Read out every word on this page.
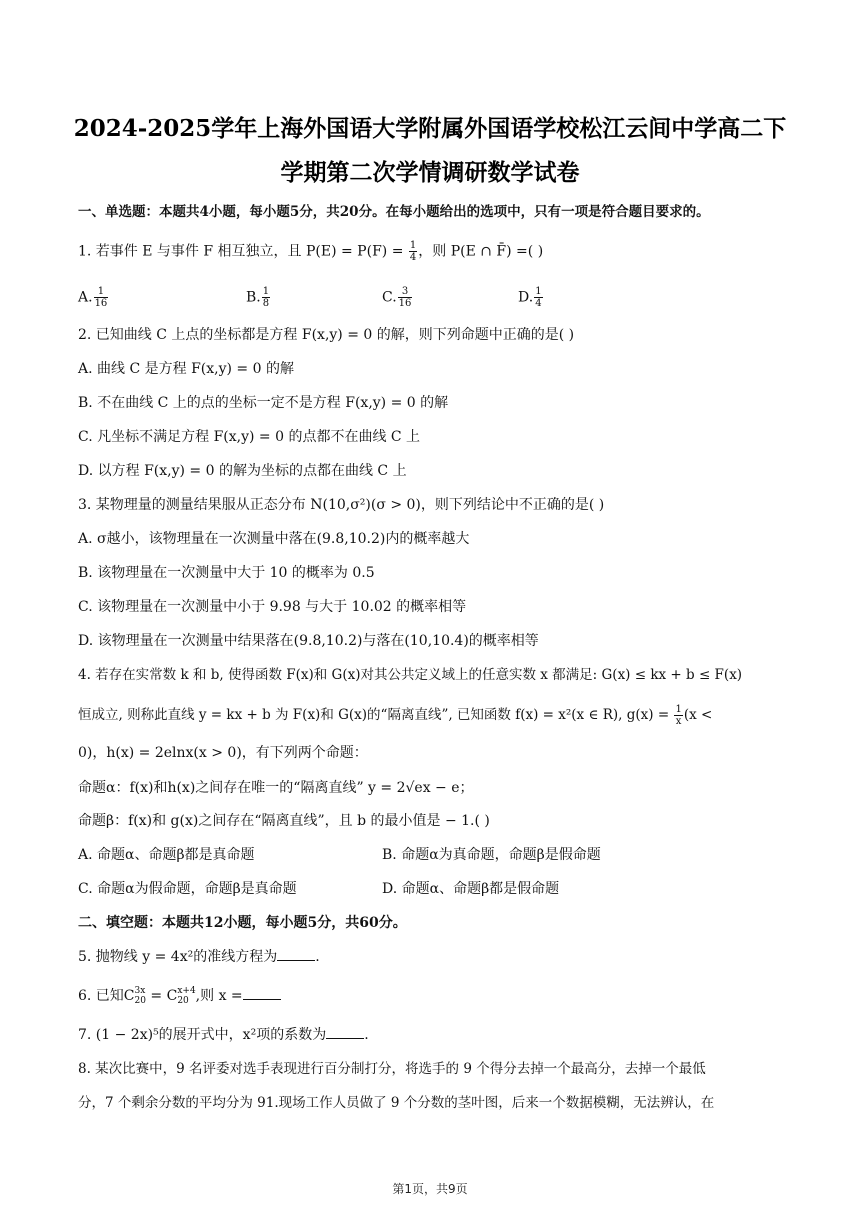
2024-2025学年上海外国语大学附属外国语学校松江云间中学高二下
学期第二次学情调研数学试卷
一、单选题：本题共4小题，每小题5分，共20分。在每小题给出的选项中，只有一项是符合题目要求的。
1. 若事件 E 与事件 F 相互独立，且 $P(E) = P(F) = \frac{1}{4}$ ，则 P(E ∩ F̄) =( )
A. $\frac{1}{16}$	B. $\frac{1}{8}$	C. $\frac{3}{16}$	D. $\frac{1}{4}$
2. 已知曲线 C 上点的坐标都是方程 F(x,y) = 0 的解，则下列命题中正确的是( )
A. 曲线 C 是方程 F(x,y) = 0 的解
B. 不在曲线 C 上的点的坐标一定不是方程 F(x,y) = 0 的解
C. 凡坐标不满足方程 F(x,y) = 0 的点都不在曲线 C 上
D. 以方程 F(x,y) = 0 的解为坐标的点都在曲线 C 上
3. 某物理量的测量结果服从正态分布 N(10,σ²)(σ > 0)，则下列结论中不正确的是( )
A. σ越小，该物理量在一次测量中落在(9.8,10.2)内的概率越大
B. 该物理量在一次测量中大于 10 的概率为 0.5
C. 该物理量在一次测量中小于 9.98 与大于 10.02 的概率相等
D. 该物理量在一次测量中结果落在(9.8,10.2)与落在(10,10.4)的概率相等
4. 若存在实常数 k 和 b, 使得函数 F(x)和 G(x)对其公共定义域上的任意实数 x 都满足: G(x) ≤ kx + b ≤ F(x)
恒成立, 则称此直线 y = kx + b 为 F(x)和 G(x)的“隔离直线”, 已知函数 f(x) = x²(x ∈ R), $g(x) = \frac{1}{x} (x$ <
0)，h(x) = 2elnx(x > 0)，有下列两个命题：
命题α：f(x)和h(x)之间存在唯一的“隔离直线” y = 2√ex − e；
命题β：f(x)和 g(x)之间存在“隔离直线”，且 b 的最小值是 − 1.( )
A. 命题α、命题β都是真命题	B. 命题α为真命题，命题β是假命题
C. 命题α为假命题，命题β是真命题	D. 命题α、命题β都是假命题
二、填空题：本题共12小题，每小题5分，共60分。
5. 抛物线 y = 4x²的准线方程为	.
6. 已知C 3x
20 = C x+4
20 ,则 x =
7. (1 − 2x)⁵的展开式中，x²项的系数为	.
8. 某次比赛中，9 名评委对选手表现进行百分制打分，将选手的 9 个得分去掉一个最高分，去掉一个最低
分，7 个剩余分数的平均分为 91.现场工作人员做了 9 个分数的茎叶图，后来一个数据模糊，无法辨认，在
第1页，共9页
